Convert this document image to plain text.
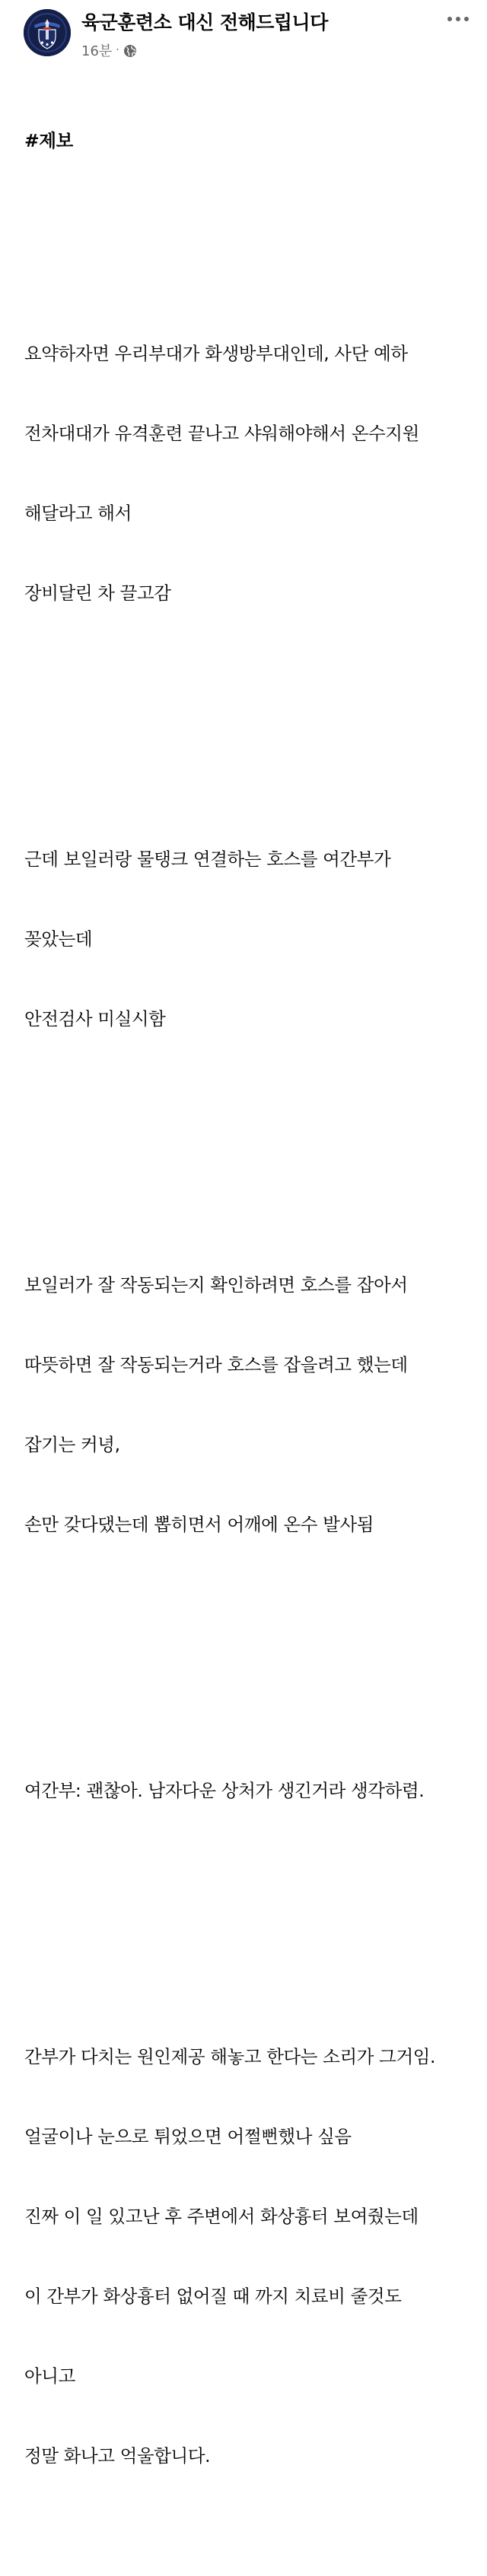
육군훈련소 대신 전해드립니다
16분 ·

#제보

요약하자면 우리부대가 화생방부대인데, 사단 예하

전차대대가 유격훈련 끝나고 샤워해야해서 온수지원

해달라고 해서

장비달린 차 끌고감

근데 보일러랑 물탱크 연결하는 호스를 여간부가

꽂았는데

안전검사 미실시함

보일러가 잘 작동되는지 확인하려면 호스를 잡아서

따뜻하면 잘 작동되는거라 호스를 잡을려고 했는데

잡기는 커녕,

손만 갖다댔는데 뽑히면서 어깨에 온수 발사됨

여간부: 괜찮아. 남자다운 상처가 생긴거라 생각하렴.

간부가 다치는 원인제공 해놓고 한다는 소리가 그거임.

얼굴이나 눈으로 튀었으면 어쩔뻔했나 싶음

진짜 이 일 있고난 후 주변에서 화상흉터 보여줬는데

이 간부가 화상흉터 없어질 때 까지 치료비 줄것도

아니고

정말 화나고 억울합니다.
